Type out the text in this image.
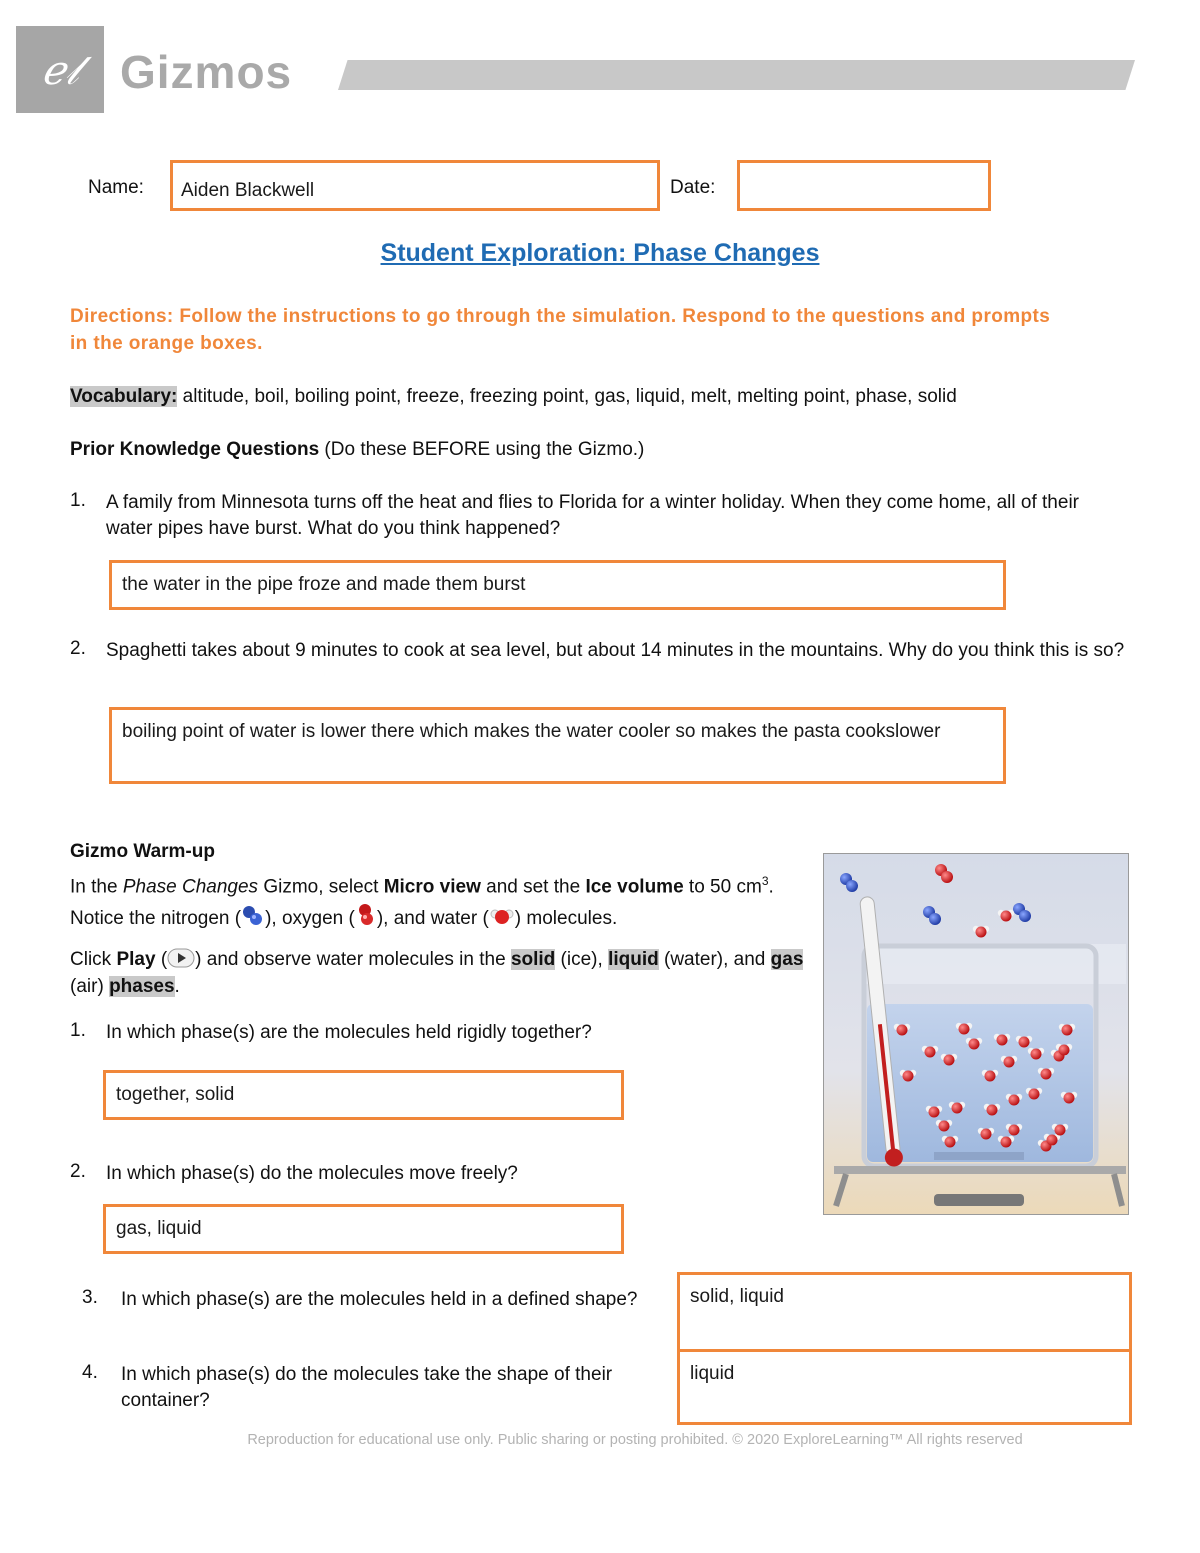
ℯ𝓁 Gizmos
Name:	Aiden Blackwell	Date:
Student Exploration: Phase Changes
Directions: Follow the instructions to go through the simulation. Respond to the questions and prompts in the orange boxes.
Vocabulary: altitude, boil, boiling point, freeze, freezing point, gas, liquid, melt, melting point, phase, solid
Prior Knowledge Questions (Do these BEFORE using the Gizmo.)
1. A family from Minnesota turns off the heat and flies to Florida for a winter holiday. When they come home, all of their water pipes have burst. What do you think happened?
the water in the pipe froze and made them burst
2. Spaghetti takes about 9 minutes to cook at sea level, but about 14 minutes in the mountains. Why do you think this is so?
boiling point of water is lower there which makes the water cooler so makes the pasta cookslower
Gizmo Warm-up
In the Phase Changes Gizmo, select Micro view and set the Ice volume to 50 $cm^3$. Notice the nitrogen ( ), oxygen ( ), and water ( ) molecules.
Click Play ( ) and observe water molecules in the solid (ice), liquid (water), and gas (air) phases.
1. In which phase(s) are the molecules held rigidly together?
together, solid
2. In which phase(s) do the molecules move freely?
gas, liquid
3. In which phase(s) are the molecules held in a defined shape?
4. In which phase(s) do the molecules take the shape of their container?
solid, liquid
liquid
Reproduction for educational use only. Public sharing or posting prohibited. © 2020 ExploreLearning™ All rights reserved
